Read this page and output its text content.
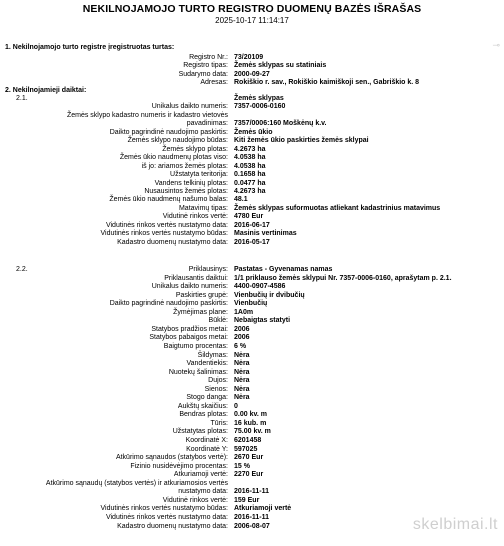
NEKILNOJAMOJO TURTO REGISTRO DUOMENŲ BAZĖS IŠRAŠAS
2025-10-17 11:14:17
1. Nekilnojamojo turto registre įregistruotas turtas:
Registro Nr.: 73/20109
Registro tipas: Žemės sklypas su statiniais
Sudarymo data: 2000-09-27
Adresas: Rokiškio r. sav., Rokiškio kaimiškoji sen., Gabriškio k. 8
2. Nekilnojamieji daiktai:
2.1.	Žemės sklypas
Unikalus daikto numeris: 7357-0006-0160
Žemės sklypo kadastro numeris ir kadastro vietovės
pavadinimas: 7357/0006:160 Moškėnų k.v.
Daikto pagrindinė naudojimo paskirtis: Žemės ūkio
Žemės sklypo naudojimo būdas: Kiti žemės ūkio paskirties žemės sklypai
Žemės sklypo plotas: 4.2673 ha
Žemės ūkio naudmenų plotas viso: 4.0538 ha
iš jo: ariamos žemės plotas: 4.0538 ha
Užstatyta teritorija: 0.1658 ha
Vandens telkinių plotas: 0.0477 ha
Nusausintos žemės plotas: 4.2673 ha
Žemės ūkio naudmenų našumo balas: 48.1
Matavimų tipas: Žemės sklypas suformuotas atliekant kadastrinius matavimus
Vidutinė rinkos vertė: 4780 Eur
Vidutinės rinkos vertės nustatymo data: 2016-06-17
Vidutinės rinkos vertės nustatymo būdas: Masinis vertinimas
Kadastro duomenų nustatymo data: 2016-05-17
2.2.	Priklausinys: Pastatas - Gyvenamas namas
Priklausantis daiktui: 1/1 priklauso žemės sklypui Nr. 7357-0006-0160, aprašytam p. 2.1.
Unikalus daikto numeris: 4400-0907-4586
Paskirties grupė: Vienbučių ir dvibučių
Daikto pagrindinė naudojimo paskirtis: Vienbučių
Žymėjimas plane: 1A0m
Būklė: Nebaigtas statyti
Statybos pradžios metai: 2006
Statybos pabaigos metai: 2006
Baigtumo procentas: 6 %
Šildymas: Nėra
Vandentiekis: Nėra
Nuotekų šalinimas: Nėra
Dujos: Nėra
Sienos: Nėra
Stogo danga: Nėra
Aukštų skaičius: 0
Bendras plotas: 0.00 kv. m
Tūris: 16 kub. m
Užstatytas plotas: 75.00 kv. m
Koordinatė X: 6201458
Koordinatė Y: 597025
Atkūrimo sąnaudos (statybos vertė): 2670 Eur
Fizinio nusidėvėjimo procentas: 15 %
Atkuriamoji vertė: 2270 Eur
Atkūrimo sąnaudų (statybos vertės) ir atkuriamosios vertės
nustatymo data: 2016-11-11
Vidutinė rinkos vertė: 159 Eur
Vidutinės rinkos vertės nustatymo būdas: Atkuriamoji vertė
Vidutinės rinkos vertės nustatymo data: 2016-11-11
Kadastro duomenų nustatymo data: 2006-08-07
⊸
skelbimai.lt
